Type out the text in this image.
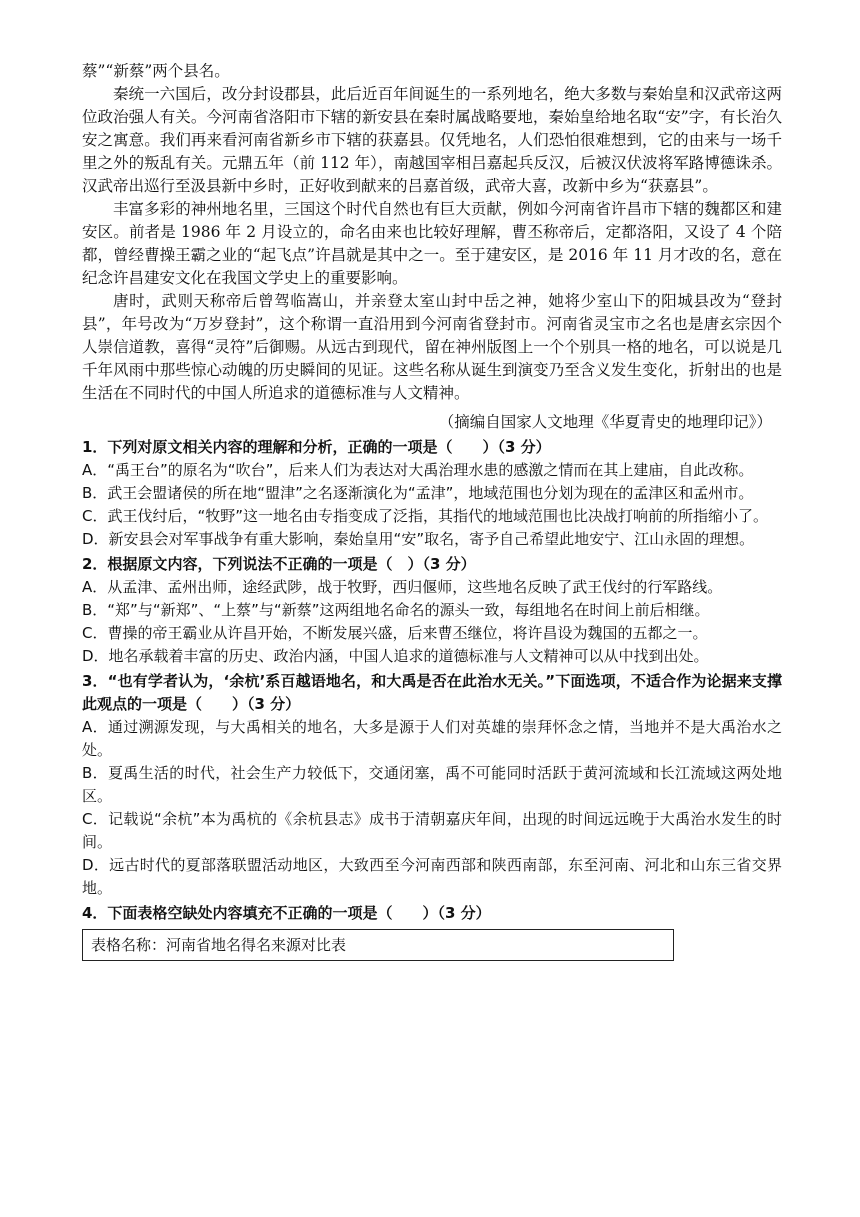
蔡”“新蔡”两个县名。

秦统一六国后，改分封设郡县，此后近百年间诞生的一系列地名，绝大多数与秦始皇和汉武帝这两位政治强人有关。今河南省洛阳市下辖的新安县在秦时属战略要地，秦始皇给地名取“安”字，有长治久安之寓意。我们再来看河南省新乡市下辖的获嘉县。仅凭地名，人们恐怕很难想到，它的由来与一场千里之外的叛乱有关。元鼎五年（前 112 年），南越国宰相吕嘉起兵反汉，后被汉伏波将军路博德诛杀。汉武帝出巡行至汲县新中乡时，正好收到献来的吕嘉首级，武帝大喜，改新中乡为“获嘉县”。

丰富多彩的神州地名里，三国这个时代自然也有巨大贡献，例如今河南省许昌市下辖的魏都区和建安区。前者是 1986 年 2 月设立的，命名由来也比较好理解，曹丕称帝后，定都洛阳，又设了 4 个陪都，曾经曹操王霸之业的“起飞点”许昌就是其中之一。至于建安区，是 2016 年 11 月才改的名，意在纪念许昌建安文化在我国文学史上的重要影响。

唐时，武则天称帝后曾驾临嵩山，并亲登太室山封中岳之神，她将少室山下的阳城县改为“登封县”，年号改为“万岁登封”，这个称谓一直沿用到今河南省登封市。河南省灵宝市之名也是唐玄宗因个人崇信道教，喜得“灵符”后御赐。从远古到现代，留在神州版图上一个个别具一格的地名，可以说是几千年风雨中那些惊心动魄的历史瞬间的见证。这些名称从诞生到演变乃至含义发生变化，折射出的也是生活在不同时代的中国人所追求的道德标准与人文精神。

（摘编自国家人文地理《华夏青史的地理印记》）

1．下列对原文相关内容的理解和分析，正确的一项是（　　）（3 分）

A．“禹王台”的原名为“吹台”，后来人们为表达对大禹治理水患的感激之情而在其上建庙，自此改称。

B．武王会盟诸侯的所在地“盟津”之名逐渐演化为“孟津”，地域范围也分划为现在的孟津区和孟州市。

C．武王伐纣后，“牧野”这一地名由专指变成了泛指，其指代的地域范围也比决战打响前的所指缩小了。

D．新安县会对军事战争有重大影响，秦始皇用“安”取名，寄予自己希望此地安宁、江山永固的理想。

2．根据原文内容，下列说法不正确的一项是（　）（3 分）

A．从孟津、孟州出师，途经武陟，战于牧野，西归偃师，这些地名反映了武王伐纣的行军路线。

B．“郑”与“新郑”、“上蔡”与“新蔡”这两组地名命名的源头一致，每组地名在时间上前后相继。

C．曹操的帝王霸业从许昌开始，不断发展兴盛，后来曹丕继位，将许昌设为魏国的五都之一。

D．地名承载着丰富的历史、政治内涵，中国人追求的道德标准与人文精神可以从中找到出处。

3．“也有学者认为，‘余杭’系百越语地名，和大禹是否在此治水无关。”下面选项，不适合作为论据来支撑此观点的一项是（　　）（3 分）

A．通过溯源发现，与大禹相关的地名，大多是源于人们对英雄的崇拜怀念之情，当地并不是大禹治水之处。

B．夏禹生活的时代，社会生产力较低下，交通闭塞，禹不可能同时活跃于黄河流域和长江流域这两处地区。

C．记载说“余杭”本为禹杭的《余杭县志》成书于清朝嘉庆年间，出现的时间远远晚于大禹治水发生的时间。

D．远古时代的夏部落联盟活动地区，大致西至今河南西部和陕西南部，东至河南、河北和山东三省交界地。

4．下面表格空缺处内容填充不正确的一项是（　　）（3 分）

表格名称：河南省地名得名来源对比表
